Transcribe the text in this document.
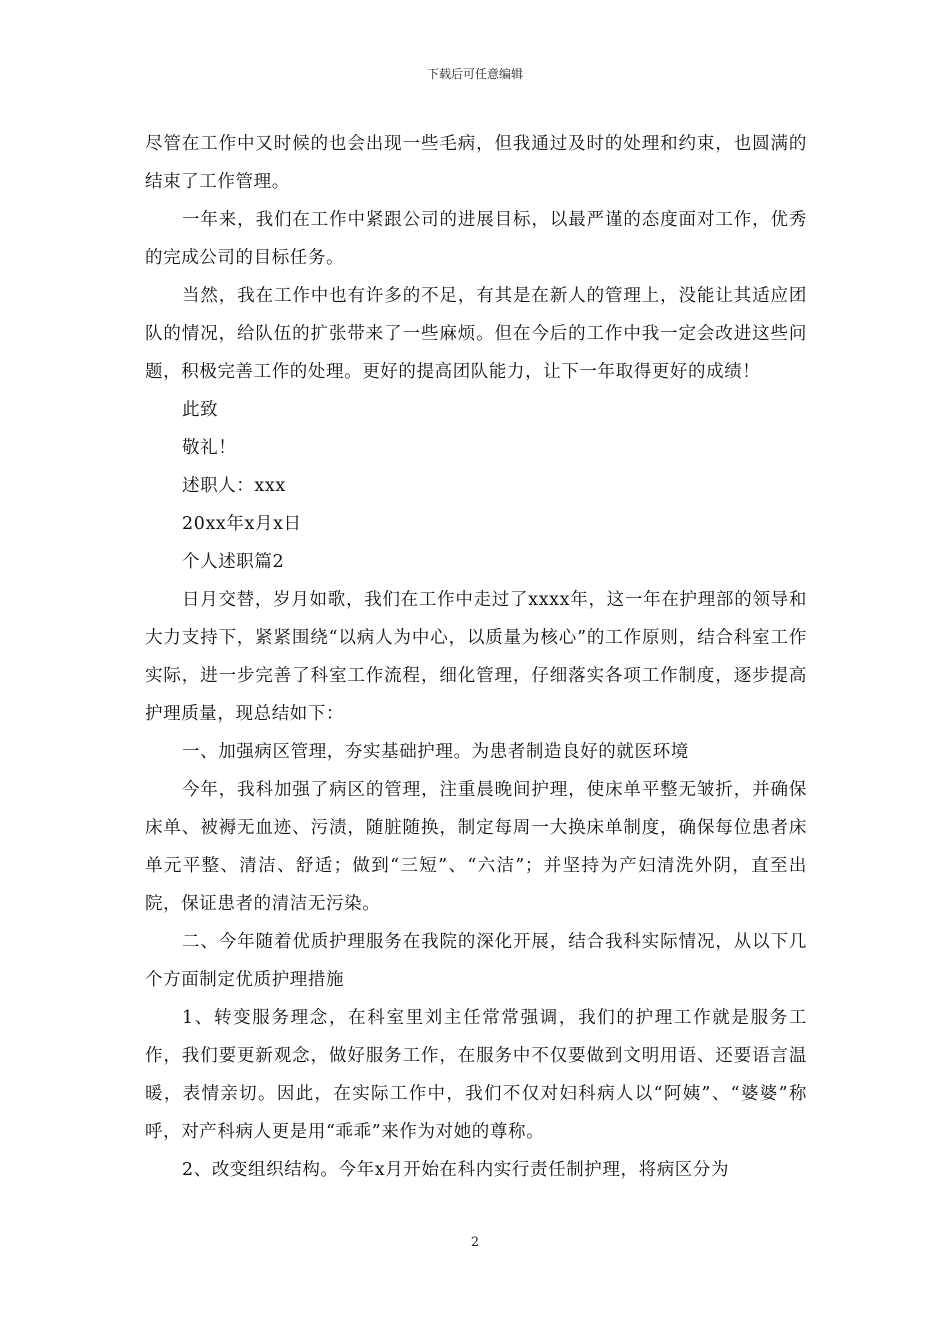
下载后可任意编辑

尽管在工作中又时候的也会出现一些毛病，但我通过及时的处理和约束，也圆满的结束了工作管理。

一年来，我们在工作中紧跟公司的进展目标，以最严谨的态度面对工作，优秀的完成公司的目标任务。

当然，我在工作中也有许多的不足，有其是在新人的管理上，没能让其适应团队的情况，给队伍的扩张带来了一些麻烦。但在今后的工作中我一定会改进这些问题，积极完善工作的处理。更好的提高团队能力，让下一年取得更好的成绩！

此致

敬礼！

述职人：xxx

20xx年x月x日

个人述职篇2

日月交替，岁月如歌，我们在工作中走过了xxxx年，这一年在护理部的领导和大力支持下，紧紧围绕“以病人为中心，以质量为核心”的工作原则，结合科室工作实际，进一步完善了科室工作流程，细化管理，仔细落实各项工作制度，逐步提高护理质量，现总结如下：

一、加强病区管理，夯实基础护理。为患者制造良好的就医环境

今年，我科加强了病区的管理，注重晨晚间护理，使床单平整无皱折，并确保床单、被褥无血迹、污渍，随脏随换，制定每周一大换床单制度，确保每位患者床单元平整、清洁、舒适；做到“三短”、“六洁”；并坚持为产妇清洗外阴，直至出院，保证患者的清洁无污染。

二、今年随着优质护理服务在我院的深化开展，结合我科实际情况，从以下几个方面制定优质护理措施

1、转变服务理念，在科室里刘主任常常强调，我们的护理工作就是服务工作，我们要更新观念，做好服务工作，在服务中不仅要做到文明用语、还要语言温暖，表情亲切。因此，在实际工作中，我们不仅对妇科病人以“阿姨”、“婆婆”称呼，对产科病人更是用“乖乖”来作为对她的尊称。

2、改变组织结构。今年x月开始在科内实行责任制护理，将病区分为

2
